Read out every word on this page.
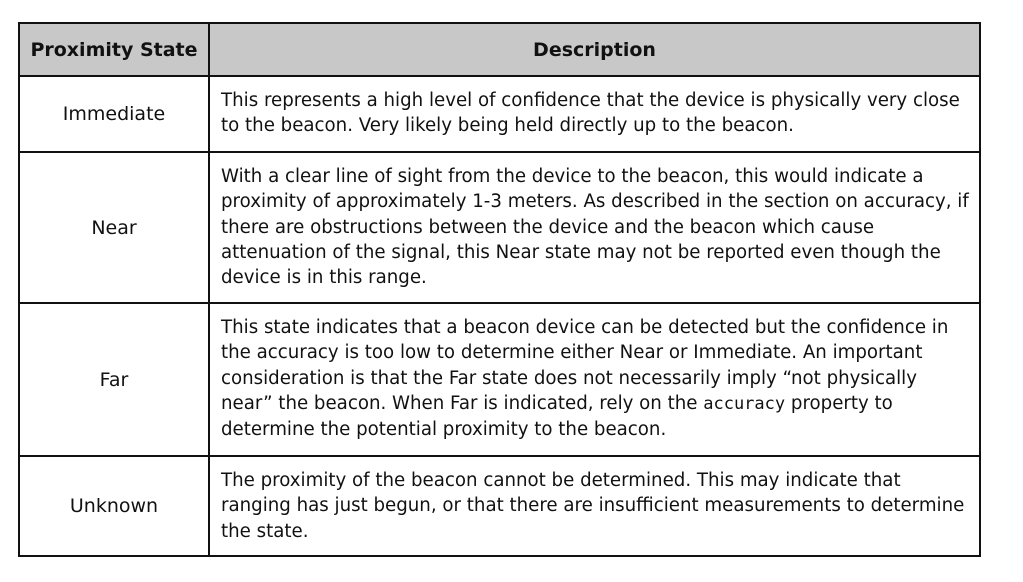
Proximity State	Description
Immediate	This represents a high level of confidence that the device is physically very close to the beacon. Very likely being held directly up to the beacon.
Near	With a clear line of sight from the device to the beacon, this would indicate a proximity of approximately 1-3 meters. As described in the section on accuracy, if there are obstructions between the device and the beacon which cause attenuation of the signal, this Near state may not be reported even though the device is in this range.
Far	This state indicates that a beacon device can be detected but the confidence in the accuracy is too low to determine either Near or Immediate. An important consideration is that the Far state does not necessarily imply “not physically near” the beacon. When Far is indicated, rely on the accuracy property to determine the potential proximity to the beacon.
Unknown	The proximity of the beacon cannot be determined. This may indicate that ranging has just begun, or that there are insufficient measurements to determine the state.
